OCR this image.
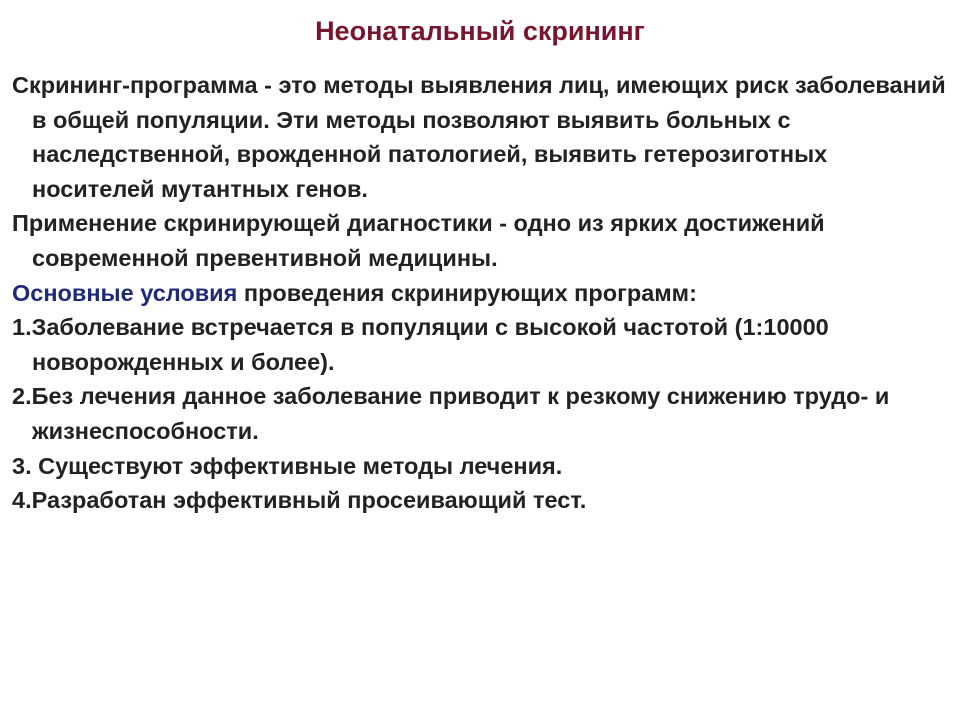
Неонатальный скрининг

Скрининг-программа - это методы выявления лиц, имеющих риск заболеваний в общей популяции. Эти методы позволяют выявить больных с наследственной, врожденной патологией, выявить гетерозиготных носителей мутантных генов.

Применение скринирующей диагностики - одно из ярких достижений современной превентивной медицины.

Основные условия проведения скринирующих программ:

1.Заболевание встречается в популяции с высокой частотой (1:10000 новорожденных и более).

2.Без лечения данное заболевание приводит к резкому снижению трудо- и жизнеспособности.

3. Существуют эффективные методы лечения.

4.Разработан эффективный просеивающий тест.
